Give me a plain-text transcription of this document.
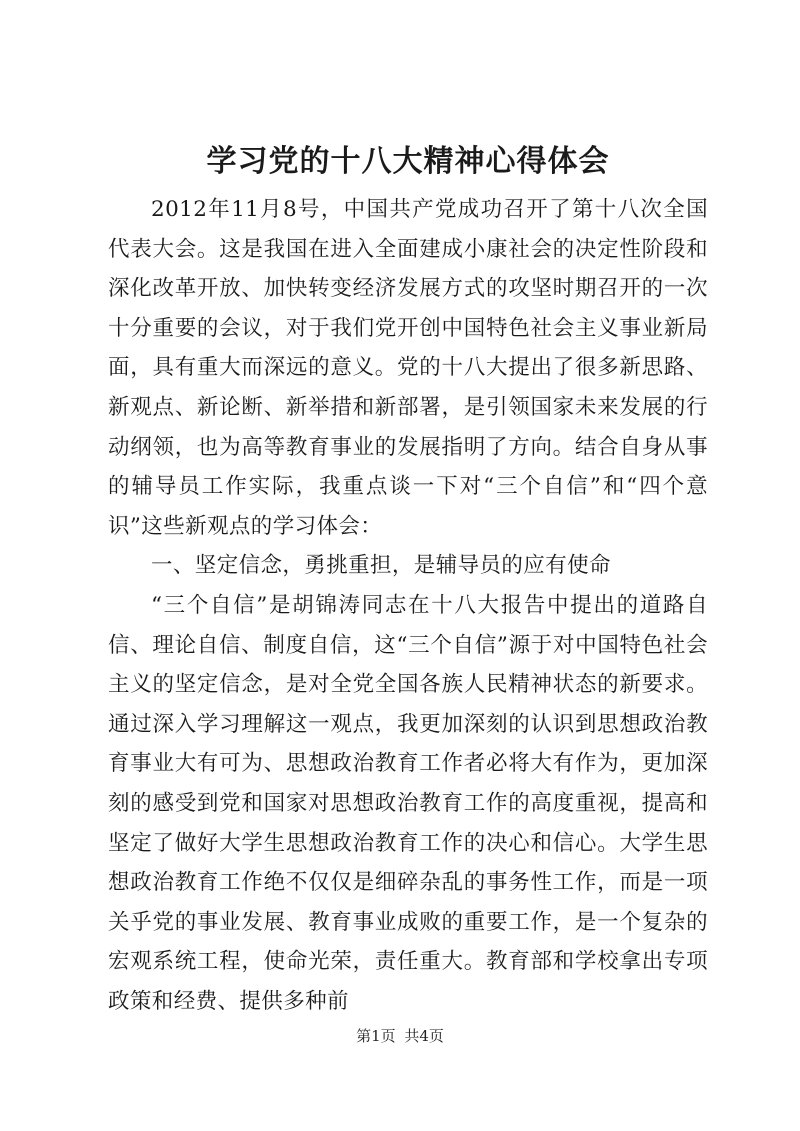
学习党的十八大精神心得体会

2012年11月8号，中国共产党成功召开了第十八次全国代表大会。这是我国在进入全面建成小康社会的决定性阶段和深化改革开放、加快转变经济发展方式的攻坚时期召开的一次十分重要的会议，对于我们党开创中国特色社会主义事业新局面，具有重大而深远的意义。党的十八大提出了很多新思路、新观点、新论断、新举措和新部署，是引领国家未来发展的行动纲领，也为高等教育事业的发展指明了方向。结合自身从事的辅导员工作实际，我重点谈一下对“三个自信”和“四个意识”这些新观点的学习体会：

一、坚定信念，勇挑重担，是辅导员的应有使命

“三个自信”是胡锦涛同志在十八大报告中提出的道路自信、理论自信、制度自信，这“三个自信”源于对中国特色社会主义的坚定信念，是对全党全国各族人民精神状态的新要求。通过深入学习理解这一观点，我更加深刻的认识到思想政治教育事业大有可为、思想政治教育工作者必将大有作为，更加深刻的感受到党和国家对思想政治教育工作的高度重视，提高和坚定了做好大学生思想政治教育工作的决心和信心。大学生思想政治教育工作绝不仅仅是细碎杂乱的事务性工作，而是一项关乎党的事业发展、教育事业成败的重要工作，是一个复杂的宏观系统工程，使命光荣，责任重大。教育部和学校拿出专项政策和经费、提供多种前

第1页 共4页
